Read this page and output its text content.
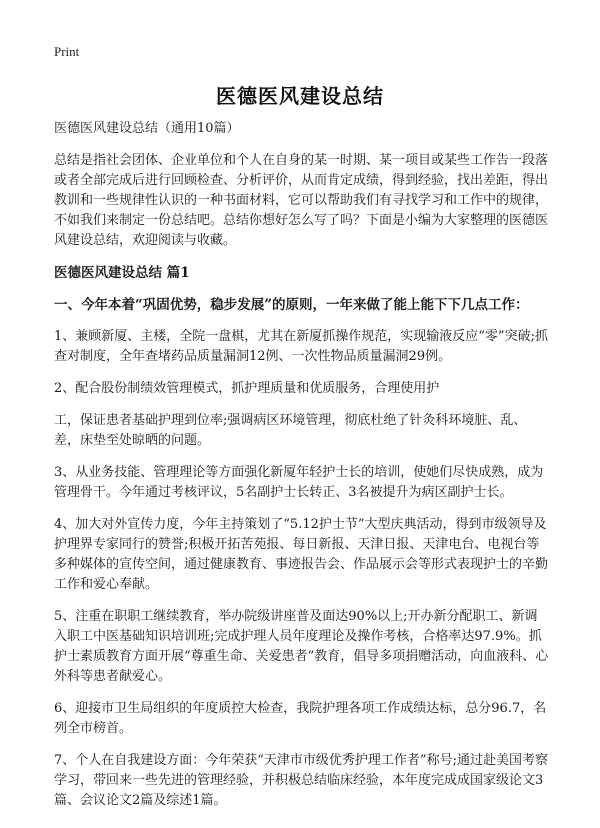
Print
医德医风建设总结

医德医风建设总结（通用10篇）

总结是指社会团体、企业单位和个人在自身的某一时期、某一项目或某些工作告一段落或者全部完成后进行回顾检查、分析评价，从而肯定成绩，得到经验，找出差距，得出教训和一些规律性认识的一种书面材料，它可以帮助我们有寻找学习和工作中的规律，不如我们来制定一份总结吧。总结你想好怎么写了吗？下面是小编为大家整理的医德医风建设总结，欢迎阅读与收藏。

医德医风建设总结 篇1

一、今年本着“巩固优势，稳步发展”的原则，一年来做了能上能下下几点工作：

1、兼顾新厦、主楼，全院一盘棋，尤其在新厦抓操作规范，实现输液反应“零”突破;抓查对制度，全年查堵药品质量漏洞12例、一次性物品质量漏洞29例。

2、配合股份制绩效管理模式，抓护理质量和优质服务，合理使用护

工，保证患者基础护理到位率;强调病区环境管理，彻底杜绝了针灸科环境脏、乱、差，床垫至处晾晒的问题。

3、从业务技能、管理理论等方面强化新厦年轻护士长的培训，使她们尽快成熟，成为管理骨干。今年通过考核评议，5名副护士长转正、3名被提升为病区副护士长。

4、加大对外宣传力度，今年主持策划了“5.12护士节”大型庆典活动，得到市级领导及护理界专家同行的赞誉;积极开拓苦苑报、每日新报、天津日报、天津电台、电视台等多种媒体的宣传空间，通过健康教育、事迹报告会、作品展示会等形式表现护士的辛勤工作和爱心奉献。

5、注重在职职工继续教育，举办院级讲座普及面达90%以上;开办新分配职工、新调入职工中医基础知识培训班;完成护理人员年度理论及操作考核，合格率达97.9%。抓护士素质教育方面开展“尊重生命、关爱患者”教育，倡导多项捐赠活动，向血液科、心外科等患者献爱心。

6、迎接市卫生局组织的年度质控大检查，我院护理各项工作成绩达标，总分96.7，名列全市榜首。

7、个人在自我建设方面：今年荣获“天津市市级优秀护理工作者”称号;通过赴美国考察学习，带回来一些先进的管理经验，并积极总结临床经验，本年度完成成国家级论文3篇、会议论文2篇及综述1篇。
